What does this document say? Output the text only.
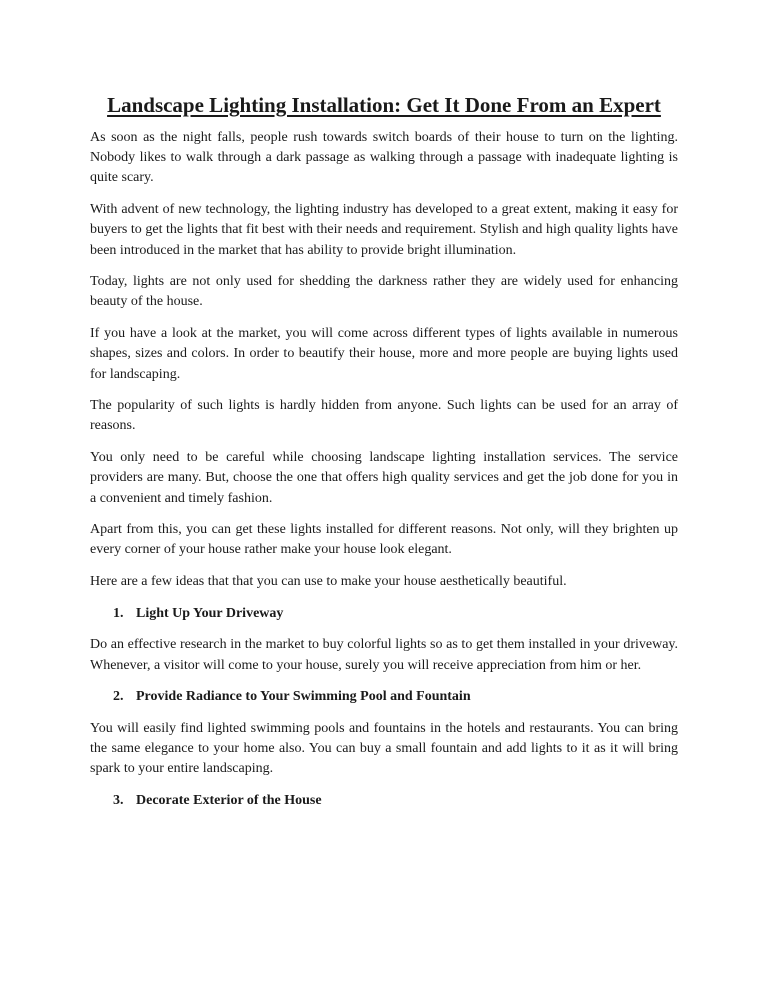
Landscape Lighting Installation: Get It Done From an Expert

As soon as the night falls, people rush towards switch boards of their house to turn on the lighting. Nobody likes to walk through a dark passage as walking through a passage with inadequate lighting is quite scary.

With advent of new technology, the lighting industry has developed to a great extent, making it easy for buyers to get the lights that fit best with their needs and requirement. Stylish and high quality lights have been introduced in the market that has ability to provide bright illumination.

Today, lights are not only used for shedding the darkness rather they are widely used for enhancing beauty of the house.

If you have a look at the market, you will come across different types of lights available in numerous shapes, sizes and colors. In order to beautify their house, more and more people are buying lights used for landscaping.

The popularity of such lights is hardly hidden from anyone. Such lights can be used for an array of reasons.

You only need to be careful while choosing landscape lighting installation services. The service providers are many. But, choose the one that offers high quality services and get the job done for you in a convenient and timely fashion.

Apart from this, you can get these lights installed for different reasons. Not only, will they brighten up every corner of your house rather make your house look elegant.

Here are a few ideas that that you can use to make your house aesthetically beautiful.

1. Light Up Your Driveway

Do an effective research in the market to buy colorful lights so as to get them installed in your driveway. Whenever, a visitor will come to your house, surely you will receive appreciation from him or her.

2. Provide Radiance to Your Swimming Pool and Fountain

You will easily find lighted swimming pools and fountains in the hotels and restaurants. You can bring the same elegance to your home also. You can buy a small fountain and add lights to it as it will bring spark to your entire landscaping.

3. Decorate Exterior of the House
